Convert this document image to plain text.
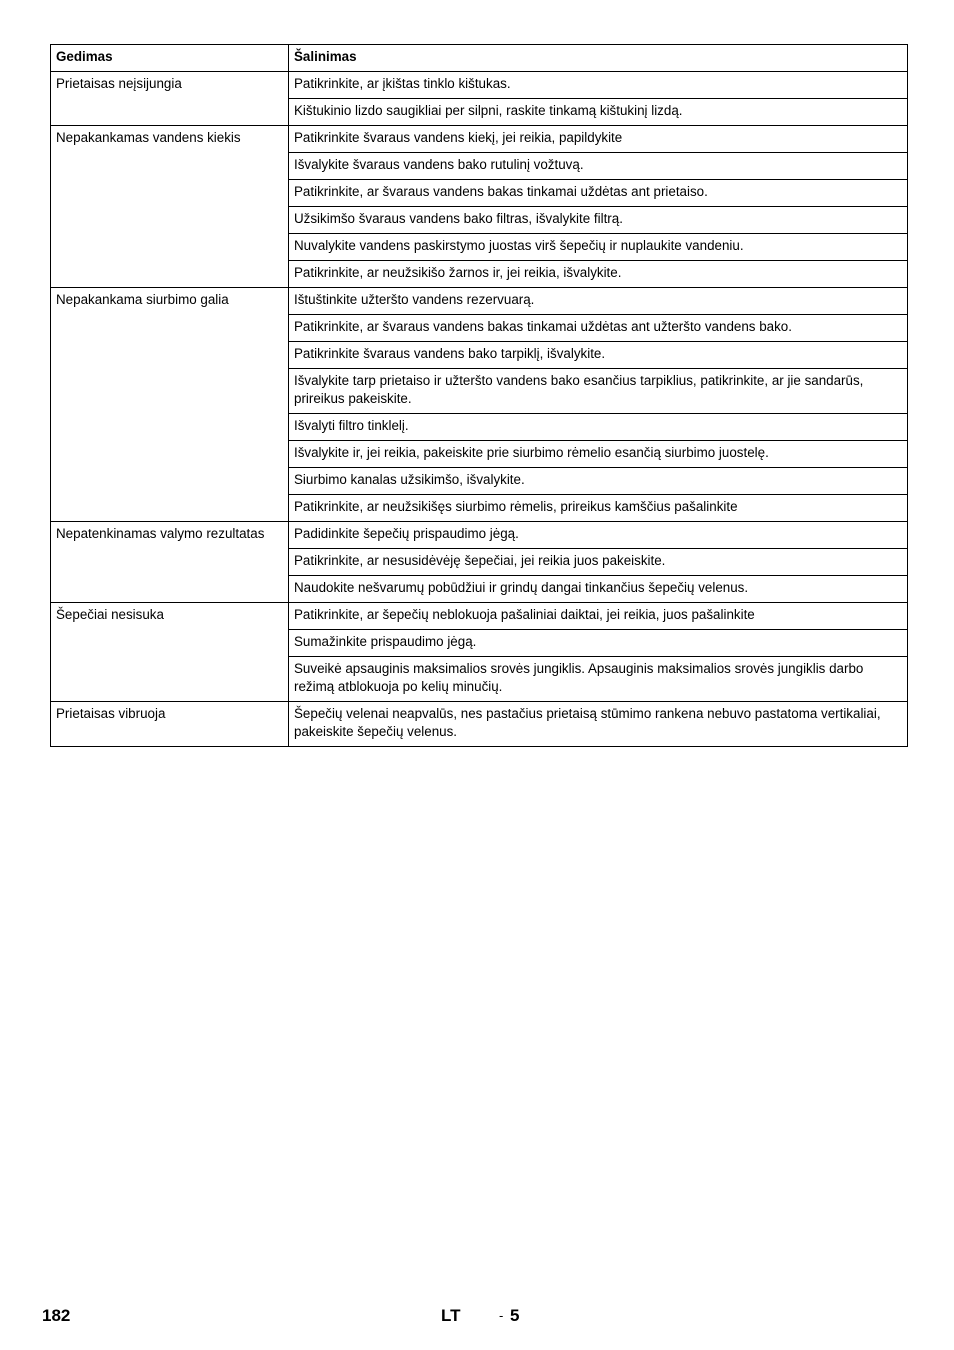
Gedimas	Šalinimas
Prietaisas neįsijungia	Patikrinkite, ar įkištas tinklo kištukas.
	Kištukinio lizdo saugikliai per silpni, raskite tinkamą kištukinį lizdą.
Nepakankamas vandens kiekis	Patikrinkite švaraus vandens kiekį, jei reikia, papildykite
	Išvalykite švaraus vandens bako rutulinį vožtuvą.
	Patikrinkite, ar švaraus vandens bakas tinkamai uždėtas ant prietaiso.
	Užsikimšo švaraus vandens bako filtras, išvalykite filtrą.
	Nuvalykite vandens paskirstymo juostas virš šepečių ir nuplaukite vandeniu.
	Patikrinkite, ar neužsikišo žarnos ir, jei reikia, išvalykite.
Nepakankama siurbimo galia	Ištuštinkite užteršto vandens rezervuarą.
	Patikrinkite, ar švaraus vandens bakas tinkamai uždėtas ant užteršto vandens bako.
	Patikrinkite švaraus vandens bako tarpiklį, išvalykite.
	Išvalykite tarp prietaiso ir užteršto vandens bako esančius tarpiklius, patikrinkite, ar jie sandarūs, prireikus pakeiskite.
	Išvalyti filtro tinklelį.
	Išvalykite ir, jei reikia, pakeiskite prie siurbimo rėmelio esančią siurbimo juostelę.
	Siurbimo kanalas užsikimšo, išvalykite.
	Patikrinkite, ar neužsikišęs siurbimo rėmelis, prireikus kamščius pašalinkite
Nepatenkinamas valymo rezultatas	Padidinkite šepečių prispaudimo jėgą.
	Patikrinkite, ar nesusidėvėję šepečiai, jei reikia juos pakeiskite.
	Naudokite nešvarumų pobūdžiui ir grindų dangai tinkančius šepečių velenus.
Šepečiai nesisuka	Patikrinkite, ar šepečių neblokuoja pašaliniai daiktai, jei reikia, juos pašalinkite
	Sumažinkite prispaudimo jėgą.
	Suveikė apsauginis maksimalios srovės jungiklis. Apsauginis maksimalios srovės jungiklis darbo režimą atblokuoja po kelių minučių.
Prietaisas vibruoja	Šepečių velenai neapvalūs, nes pastačius prietaisą stūmimo rankena nebuvo pastatoma vertikaliai, pakeiskite šepečių velenus.
182	LT	- 5
